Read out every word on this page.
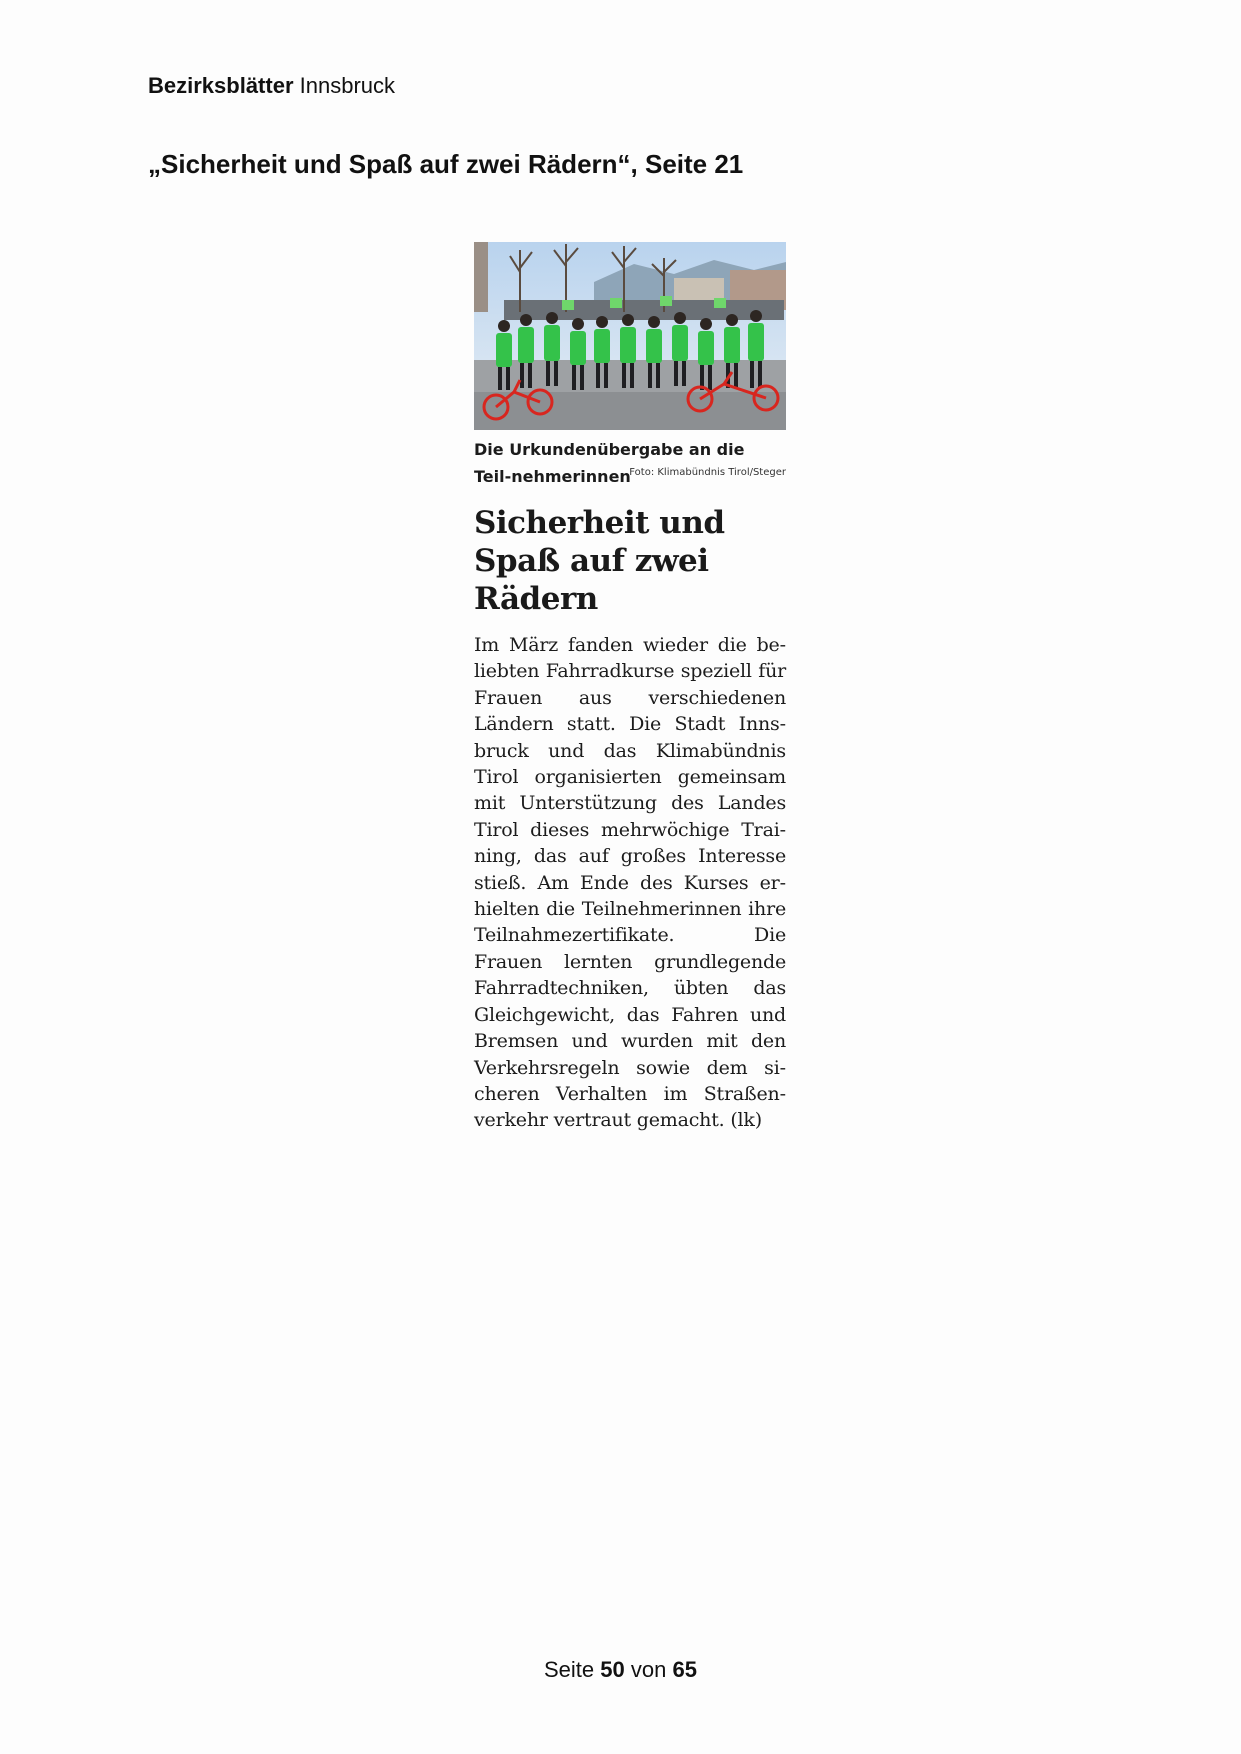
Bezirksblätter Innsbruck
„Sicherheit und Spaß auf zwei Rädern“, Seite 21
Die Urkundenübergabe an die Teil-nehmerinnen
Foto: Klimabündnis Tirol/Steger
Sicherheit und Spaß auf zwei Rädern

Im März fanden wieder die beliebten Fahrradkurse speziell für Frauen aus verschiedenen Ländern statt. Die Stadt Innsbruck und das Klimabündnis Tirol organisierten gemeinsam mit Unterstützung des Landes Tirol dieses mehrwöchige Training, das auf großes Interesse stieß. Am Ende des Kurses erhielten die Teilnehmerinnen ihre Teilnahmezertifikate. Die Frauen lernten grundlegende Fahrradtechniken, übten das Gleichgewicht, das Fahren und Bremsen und wurden mit den Verkehrsregeln sowie dem sicheren Verhalten im Straßenverkehr vertraut gemacht. (lk)

Seite 50 von 65
